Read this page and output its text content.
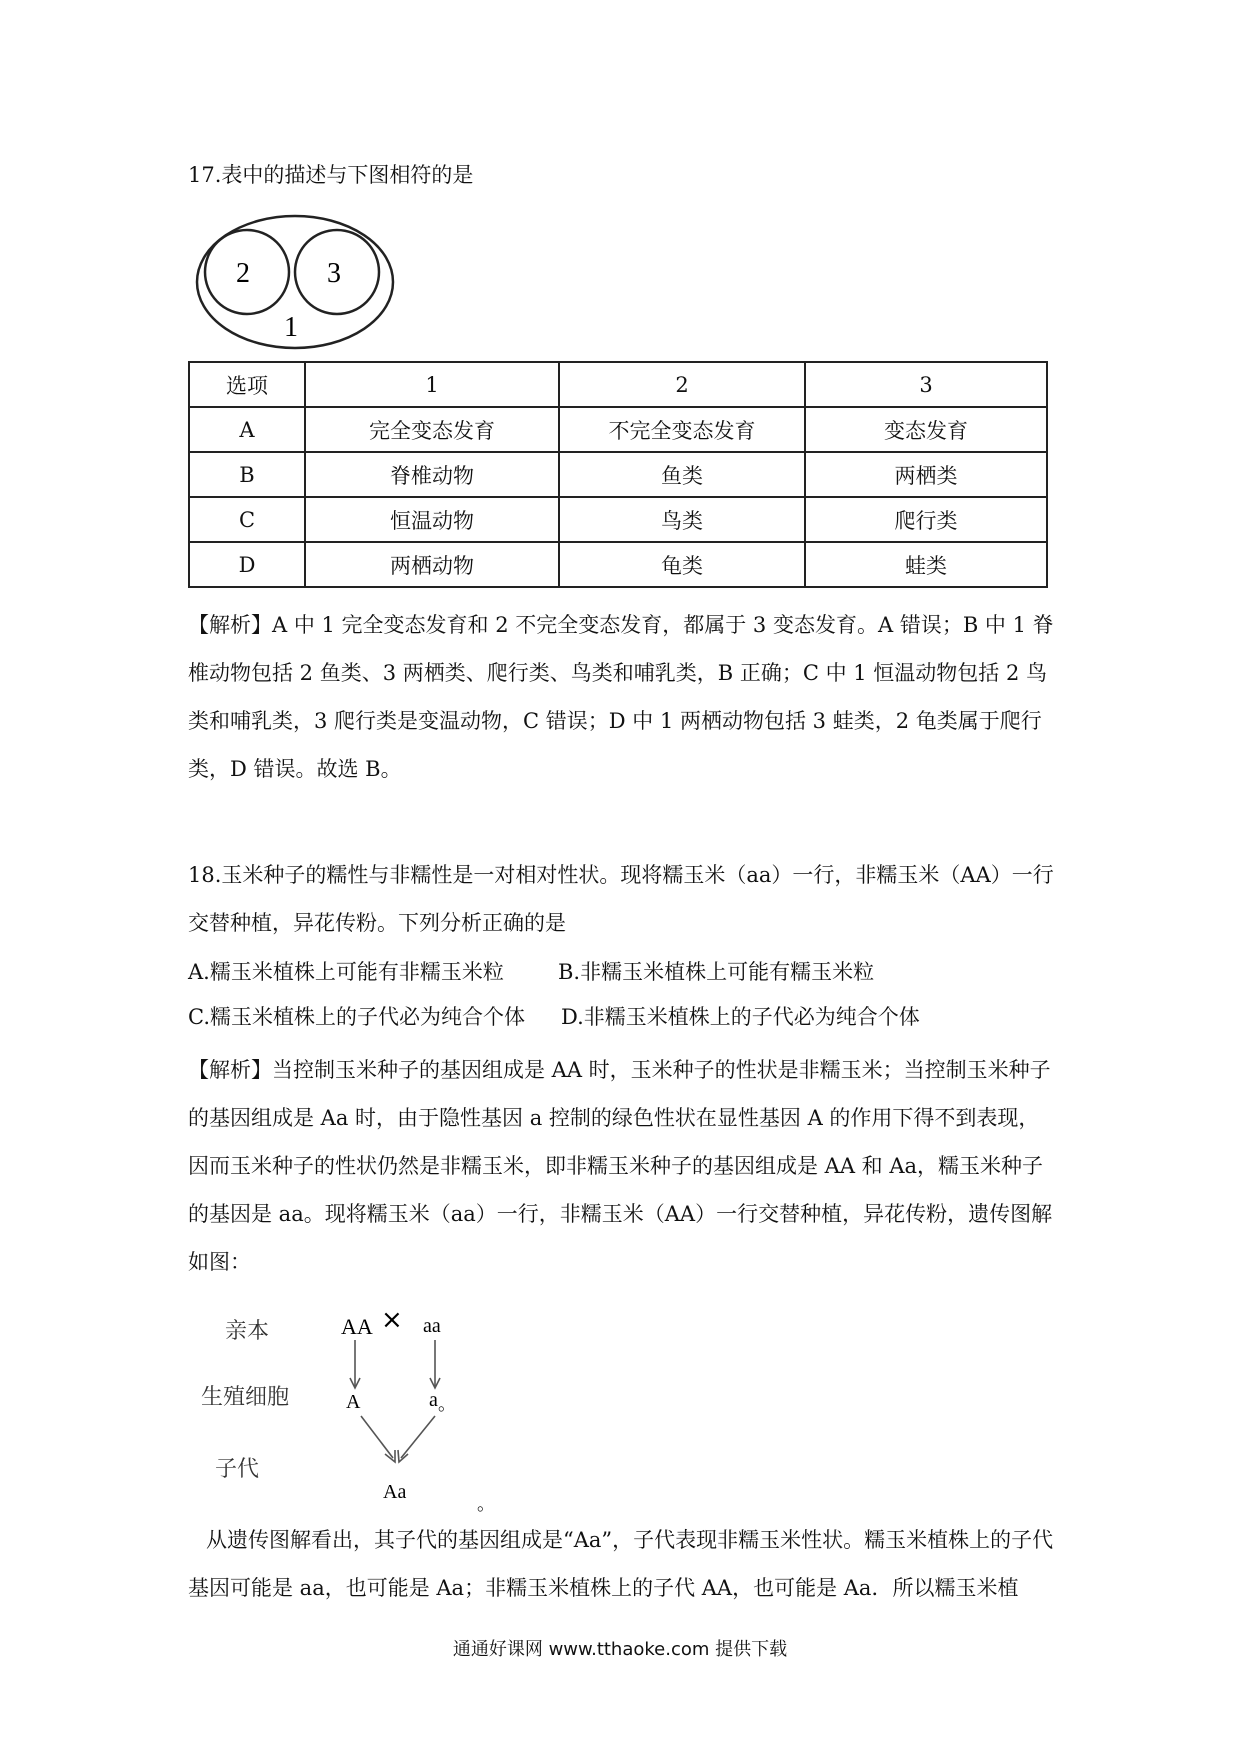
17.表中的描述与下图相符的是
2	3
1
选项	1	2	3
A	完全变态发育	不完全变态发育	变态发育
B	脊椎动物	鱼类	两栖类
C	恒温动物	鸟类	爬行类
D	两栖动物	龟类	蛙类
【解析】A 中 1 完全变态发育和 2 不完全变态发育，都属于 3 变态发育。A 错误；B 中 1 脊椎动物包括 2 鱼类、3 两栖类、爬行类、鸟类和哺乳类，B 正确；C 中 1 恒温动物包括 2 鸟类和哺乳类，3 爬行类是变温动物，C 错误；D 中 1 两栖动物包括 3 蛙类，2 龟类属于爬行类，D 错误。故选 B。
18.玉米种子的糯性与非糯性是一对相对性状。现将糯玉米（aa）一行，非糯玉米（AA）一行交替种植，异花传粉。下列分析正确的是
A.糯玉米植株上可能有非糯玉米粒	B.非糯玉米植株上可能有糯玉米粒
C.糯玉米植株上的子代必为纯合个体 D.非糯玉米植株上的子代必为纯合个体
【解析】当控制玉米种子的基因组成是 AA 时，玉米种子的性状是非糯玉米；当控制玉米种子的基因组成是 Aa 时，由于隐性基因 a 控制的绿色性状在显性基因 A 的作用下得不到表现，因而玉米种子的性状仍然是非糯玉米，即非糯玉米种子的基因组成是 AA 和 Aa，糯玉米种子的基因是 aa。现将糯玉米（aa）一行，非糯玉米（AA）一行交替种植，异花传粉，遗传图解如图：
亲本
生殖细胞
子代
AA × aa
A	a 。
Aa
。
从遗传图解看出，其子代的基因组成是“Aa”，子代表现非糯玉米性状。糯玉米植株上的子代基因可能是 aa，也可能是 Aa；非糯玉米植株上的子代 AA，也可能是 Aa．所以糯玉米植
通通好课网 www.tthaoke.com 提供下载
